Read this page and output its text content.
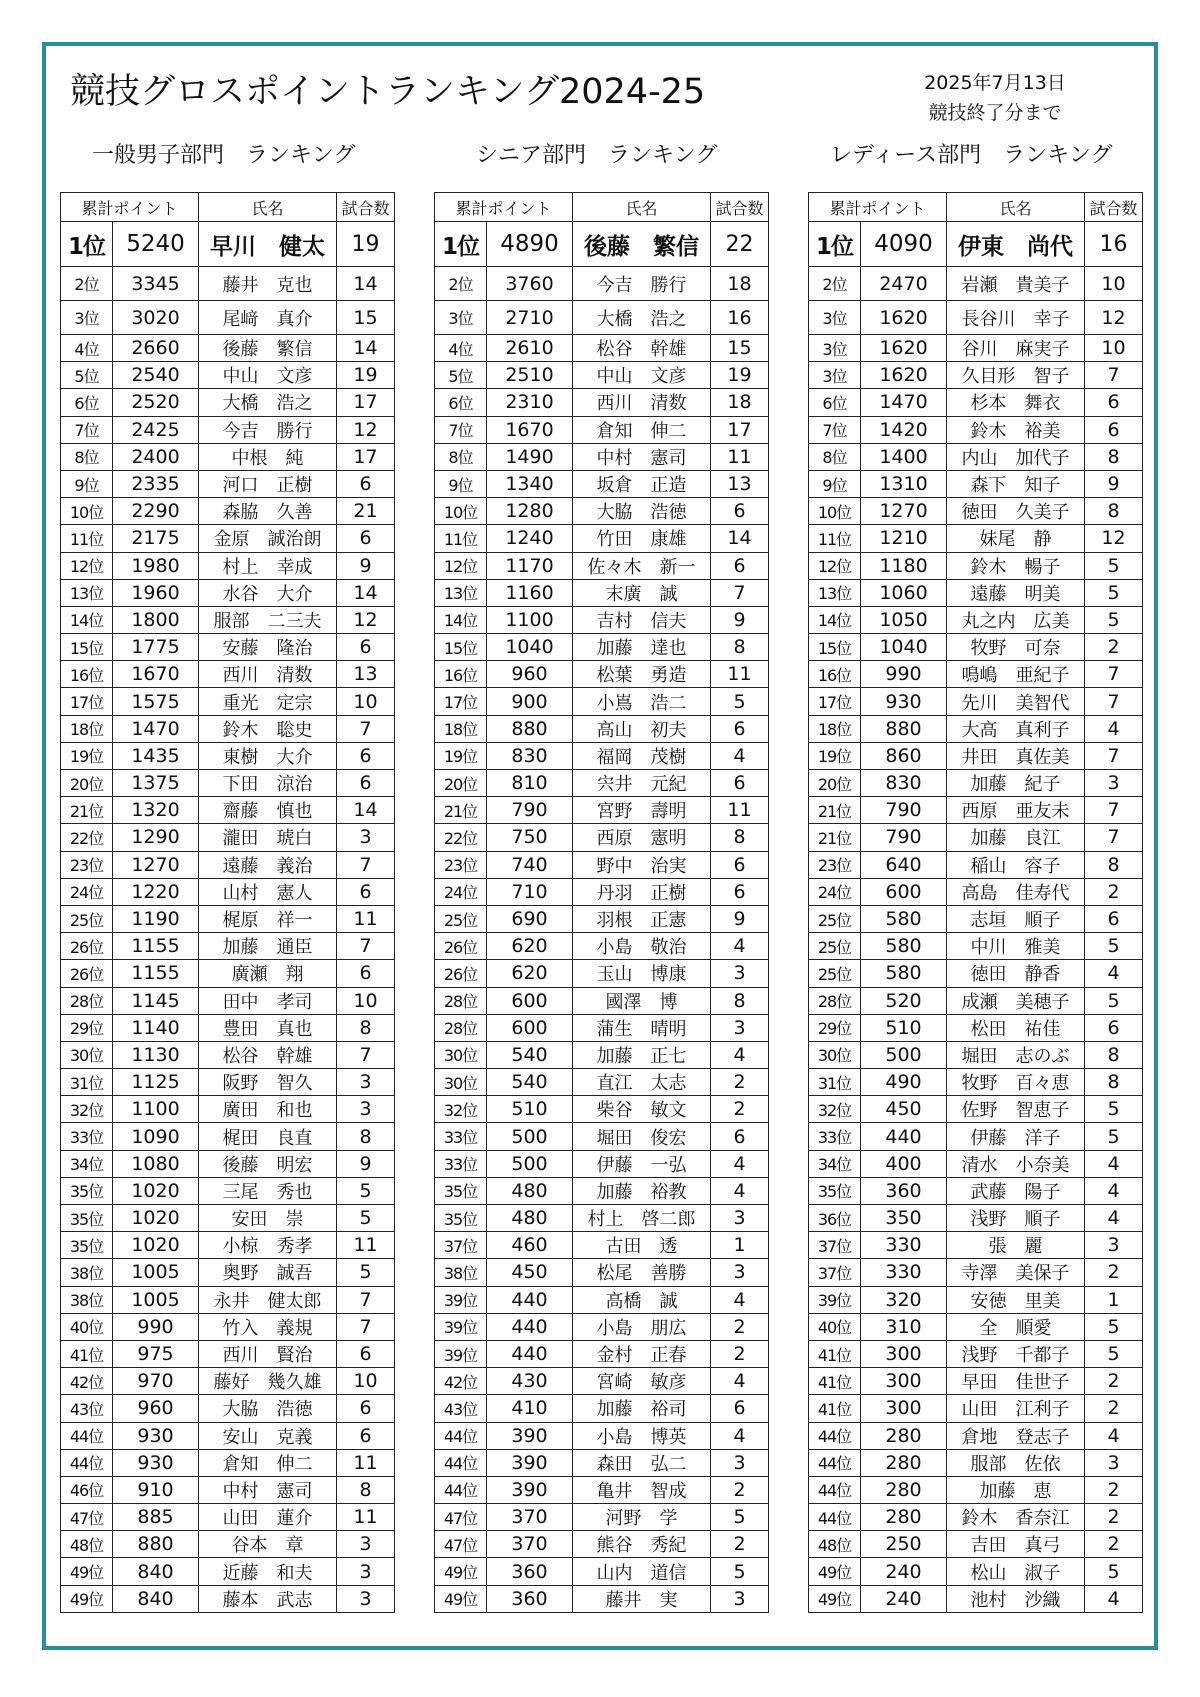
競技グロスポイントランキング2024-25	2025年7月13日
競技終了分まで
一般男子部門　ランキング	シニア部門　ランキング	レディース部門　ランキング
累計ポイント		氏名	試合数
1位	5240	早川　健太	19
2位	3345	藤井　克也	14
3位	3020	尾﨑　真介	15
4位	2660	後藤　繁信	14
5位	2540	中山　文彦	19
6位	2520	大橋　浩之	17
7位	2425	今吉　勝行	12
8位	2400	中根　純	17
9位	2335	河口　正樹	6
10位	2290	森脇　久善	21
11位	2175	金原　誠治朗	6
12位	1980	村上　幸成	9
13位	1960	水谷　大介	14
14位	1800	服部　二三夫	12
15位	1775	安藤　隆治	6
16位	1670	西川　清数	13
17位	1575	重光　定宗	10
18位	1470	鈴木　聡史	7
19位	1435	東樹　大介	6
20位	1375	下田　涼治	6
21位	1320	齋藤　慎也	14
22位	1290	瀧田　琥白	3
23位	1270	遠藤　義治	7
24位	1220	山村　憲人	6
25位	1190	梶原　祥一	11
26位	1155	加藤　通臣	7
26位	1155	廣瀬　翔	6
28位	1145	田中　孝司	10
29位	1140	豊田　真也	8
30位	1130	松谷　幹雄	7
31位	1125	阪野　智久	3
32位	1100	廣田　和也	3
33位	1090	梶田　良直	8
34位	1080	後藤　明宏	9
35位	1020	三尾　秀也	5
35位	1020	安田　崇	5
35位	1020	小椋　秀孝	11
38位	1005	奥野　誠吾	5
38位	1005	永井　健太郎	7
40位	990	竹入　義規	7
41位	975	西川　賢治	6
42位	970	藤好　幾久雄	10
43位	960	大脇　浩徳	6
44位	930	安山　克義	6
44位	930	倉知　伸二	11
46位	910	中村　憲司	8
47位	885	山田　蓮介	11
48位	880	谷本　章	3
49位	840	近藤　和夫	3
49位	840	藤本　武志	3
累計ポイント		氏名	試合数
1位	4890	後藤　繁信	22
2位	3760	今吉　勝行	18
3位	2710	大橋　浩之	16
4位	2610	松谷　幹雄	15
5位	2510	中山　文彦	19
6位	2310	西川　清数	18
7位	1670	倉知　伸二	17
8位	1490	中村　憲司	11
9位	1340	坂倉　正造	13
10位	1280	大脇　浩徳	6
11位	1240	竹田　康雄	14
12位	1170	佐々木　新一	6
13位	1160	末廣　誠	7
14位	1100	吉村　信夫	9
15位	1040	加藤　達也	8
16位	960	松葉　勇造	11
17位	900	小嶌　浩二	5
18位	880	高山　初夫	6
19位	830	福岡　茂樹	4
20位	810	宍井　元紀	6
21位	790	宮野　壽明	11
22位	750	西原　憲明	8
23位	740	野中　治実	6
24位	710	丹羽　正樹	6
25位	690	羽根　正憲	9
26位	620	小島　敬治	4
26位	620	玉山　博康	3
28位	600	國澤　博	8
28位	600	蒲生　晴明	3
30位	540	加藤　正七	4
30位	540	直江　太志	2
32位	510	柴谷　敏文	2
33位	500	堀田　俊宏	6
33位	500	伊藤　一弘	4
35位	480	加藤　裕教	4
35位	480	村上　啓二郎	3
37位	460	古田　透	1
38位	450	松尾　善勝	3
39位	440	高橋　誠	4
39位	440	小島　朋広	2
39位	440	金村　正春	2
42位	430	宮崎　敏彦	4
43位	410	加藤　裕司	6
44位	390	小島　博英	4
44位	390	森田　弘二	3
44位	390	亀井　智成	2
47位	370	河野　学	5
47位	370	熊谷　秀紀	2
49位	360	山内　道信	5
49位	360	藤井　実	3
累計ポイント		氏名	試合数
1位	4090	伊東　尚代	16
2位	2470	岩瀬　貴美子	10
3位	1620	長谷川　幸子	12
3位	1620	谷川　麻実子	10
3位	1620	久目形　智子	7
6位	1470	杉本　舞衣	6
7位	1420	鈴木　裕美	6
8位	1400	内山　加代子	8
9位	1310	森下　知子	9
10位	1270	徳田　久美子	8
11位	1210	妹尾　静	12
12位	1180	鈴木　暢子	5
13位	1060	遠藤　明美	5
14位	1050	丸之内　広美	5
15位	1040	牧野　可奈	2
16位	990	鳴嶋　亜紀子	7
17位	930	先川　美智代	7
18位	880	大高　真利子	4
19位	860	井田　真佐美	7
20位	830	加藤　紀子	3
21位	790	西原　亜友未	7
21位	790	加藤　良江	7
23位	640	稲山　容子	8
24位	600	高島　佳寿代	2
25位	580	志垣　順子	6
25位	580	中川　雅美	5
25位	580	徳田　静香	4
28位	520	成瀬　美穂子	5
29位	510	松田　祐佳	6
30位	500	堀田　志のぶ	8
31位	490	牧野　百々恵	8
32位	450	佐野　智恵子	5
33位	440	伊藤　洋子	5
34位	400	清水　小奈美	4
35位	360	武藤　陽子	4
36位	350	浅野　順子	4
37位	330	張　麗	3
37位	330	寺澤　美保子	2
39位	320	安徳　里美	1
40位	310	全　順愛	5
41位	300	浅野　千都子	5
41位	300	早田　佳世子	2
41位	300	山田　江利子	2
44位	280	倉地　登志子	4
44位	280	服部　佐依	3
44位	280	加藤　恵	2
44位	280	鈴木　香奈江	2
48位	250	吉田　真弓	2
49位	240	松山　淑子	5
49位	240	池村　沙織	4
